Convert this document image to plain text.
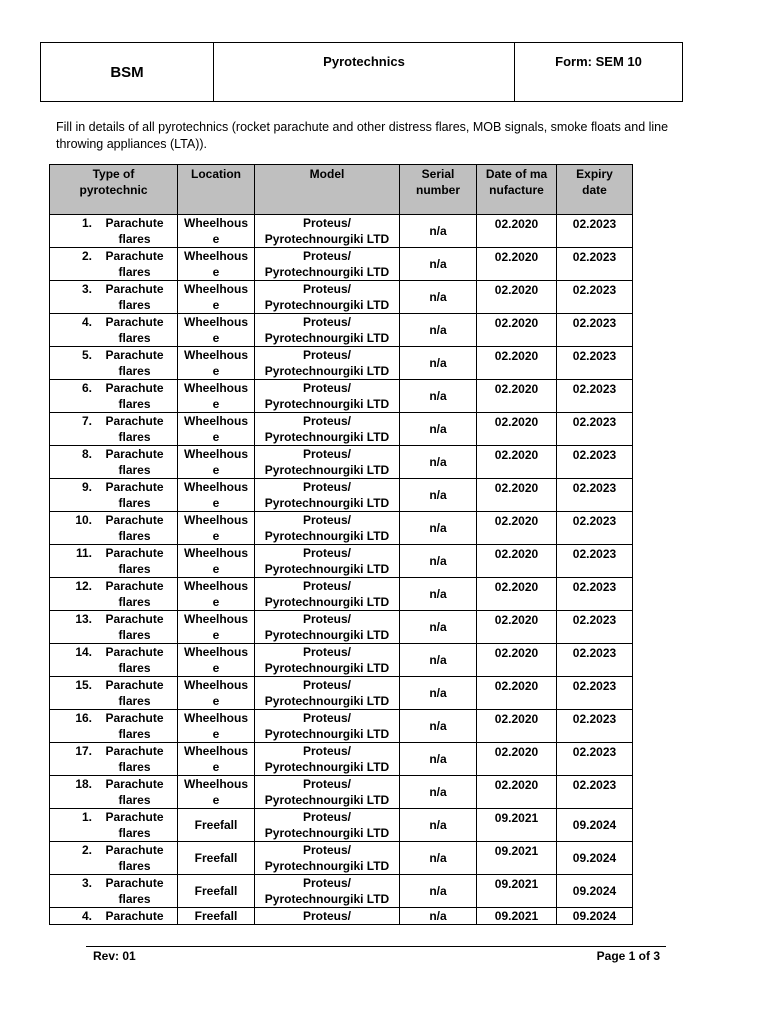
BSM	Pyrotechnics	Form: SEM 10
Fill in details of all pyrotechnics (rocket parachute and other distress flares, MOB signals, smoke floats and line throwing appliances (LTA)).
Type of pyrotechnic	Location	Model	Serial number	Date of manufacture	Expiry date

1. Parachute flares	Wheelhouse	Proteus/ Pyrotechnourgiki LTD	n/a	02.2020	02.2023

2. Parachute flares	Wheelhouse	Proteus/ Pyrotechnourgiki LTD	n/a	02.2020	02.2023

3. Parachute flares	Wheelhouse	Proteus/ Pyrotechnourgiki LTD	n/a	02.2020	02.2023

4. Parachute flares	Wheelhouse	Proteus/ Pyrotechnourgiki LTD	n/a	02.2020	02.2023

5. Parachute flares	Wheelhouse	Proteus/ Pyrotechnourgiki LTD	n/a	02.2020	02.2023

6. Parachute flares	Wheelhouse	Proteus/ Pyrotechnourgiki LTD	n/a	02.2020	02.2023

7. Parachute flares	Wheelhouse	Proteus/ Pyrotechnourgiki LTD	n/a	02.2020	02.2023

8. Parachute flares	Wheelhouse	Proteus/ Pyrotechnourgiki LTD	n/a	02.2020	02.2023

9. Parachute flares	Wheelhouse	Proteus/ Pyrotechnourgiki LTD	n/a	02.2020	02.2023

10. Parachute flares	Wheelhouse	Proteus/ Pyrotechnourgiki LTD	n/a	02.2020	02.2023

11. Parachute flares	Wheelhouse	Proteus/ Pyrotechnourgiki LTD	n/a	02.2020	02.2023

12. Parachute flares	Wheelhouse	Proteus/ Pyrotechnourgiki LTD	n/a	02.2020	02.2023

13. Parachute flares	Wheelhouse	Proteus/ Pyrotechnourgiki LTD	n/a	02.2020	02.2023

14. Parachute flares	Wheelhouse	Proteus/ Pyrotechnourgiki LTD	n/a	02.2020	02.2023

15. Parachute flares	Wheelhouse	Proteus/ Pyrotechnourgiki LTD	n/a	02.2020	02.2023

16. Parachute flares	Wheelhouse	Proteus/ Pyrotechnourgiki LTD	n/a	02.2020	02.2023

17. Parachute flares	Wheelhouse	Proteus/ Pyrotechnourgiki LTD	n/a	02.2020	02.2023

18. Parachute flares	Wheelhouse	Proteus/ Pyrotechnourgiki LTD	n/a	02.2020	02.2023

1. Parachute flares	Freefall	Proteus/ Pyrotechnourgiki LTD	n/a	09.2021	09.2024

2. Parachute flares	Freefall	Proteus/ Pyrotechnourgiki LTD	n/a	09.2021	09.2024

3. Parachute flares	Freefall	Proteus/ Pyrotechnourgiki LTD	n/a	09.2021	09.2024

4. Parachute	Freefall	Proteus/	n/a	09.2021	09.2024
Rev: 01	Page 1 of 3
